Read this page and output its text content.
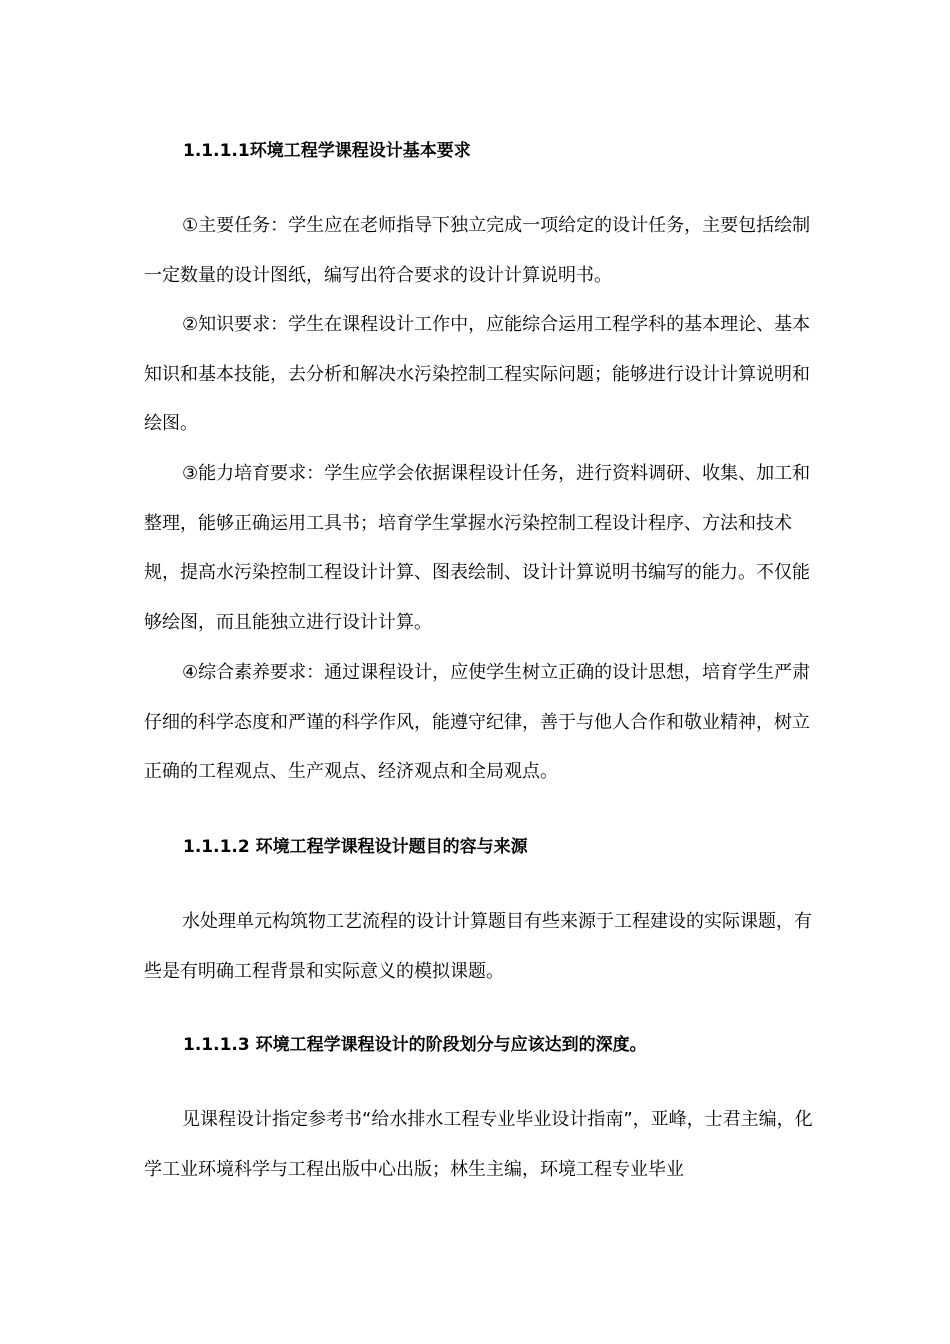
1.1.1.1环境工程学课程设计基本要求

①主要任务：学生应在老师指导下独立完成一项给定的设计任务，主要包括绘制一定数量的设计图纸，编写出符合要求的设计计算说明书。

②知识要求：学生在课程设计工作中，应能综合运用工程学科的基本理论、基本知识和基本技能，去分析和解决水污染控制工程实际问题；能够进行设计计算说明和绘图。

③能力培育要求：学生应学会依据课程设计任务，进行资料调研、收集、加工和整理，能够正确运用工具书；培育学生掌握水污染控制工程设计程序、方法和技术规，提高水污染控制工程设计计算、图表绘制、设计计算说明书编写的能力。不仅能够绘图，而且能独立进行设计计算。

④综合素养要求：通过课程设计，应使学生树立正确的设计思想，培育学生严肃仔细的科学态度和严谨的科学作风，能遵守纪律，善于与他人合作和敬业精神，树立正确的工程观点、生产观点、经济观点和全局观点。

1.1.1.2 环境工程学课程设计题目的容与来源

水处理单元构筑物工艺流程的设计计算题目有些来源于工程建设的实际课题，有些是有明确工程背景和实际意义的模拟课题。

1.1.1.3 环境工程学课程设计的阶段划分与应该达到的深度。

见课程设计指定参考书“给水排水工程专业毕业设计指南”，亚峰，士君主编，化学工业环境科学与工程出版中心出版；林生主编，环境工程专业毕业
